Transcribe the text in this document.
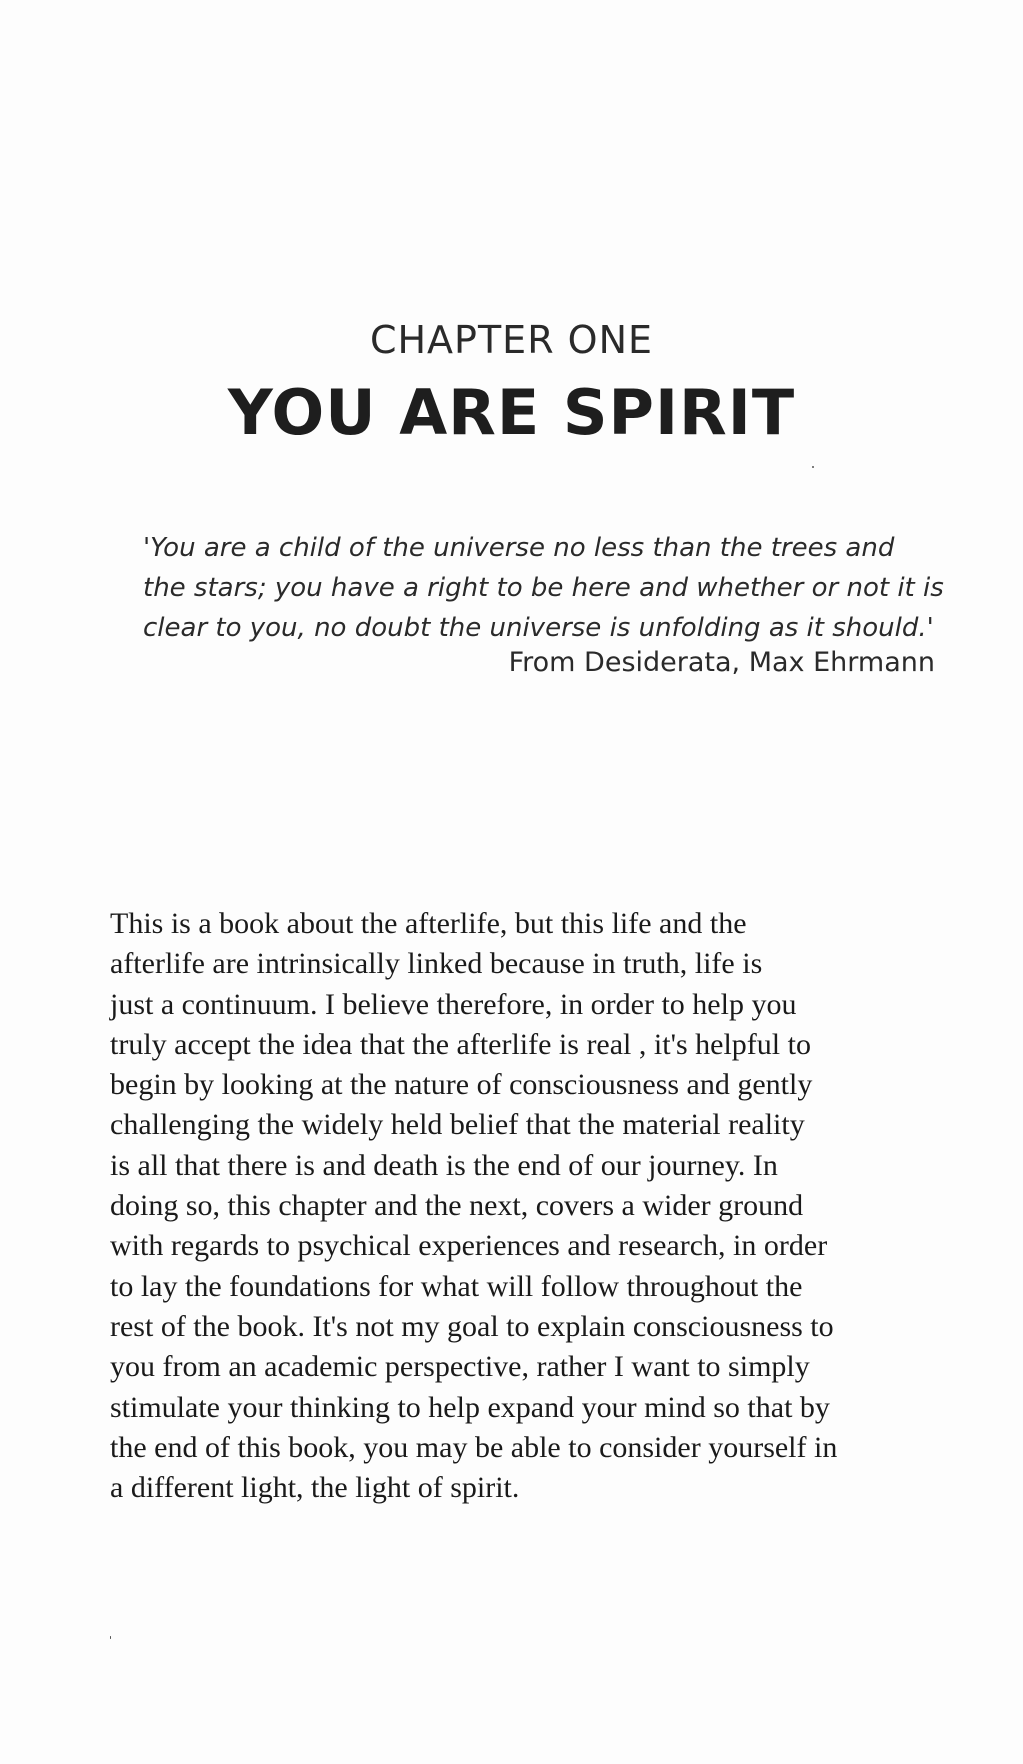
CHAPTER ONE
YOU ARE SPIRIT
'You are a child of the universe no less than the trees and
the stars; you have a right to be here and whether or not it is
clear to you, no doubt the universe is unfolding as it should.'
From Desiderata, Max Ehrmann
This is a book about the afterlife, but this life and the
afterlife are intrinsically linked because in truth, life is
just a continuum. I believe therefore, in order to help you
truly accept the idea that the afterlife is real , it's helpful to
begin by looking at the nature of consciousness and gently
challenging the widely held belief that the material reality
is all that there is and death is the end of our journey. In
doing so, this chapter and the next, covers a wider ground
with regards to psychical experiences and research, in order
to lay the foundations for what will follow throughout the
rest of the book. It's not my goal to explain consciousness to
you from an academic perspective, rather I want to simply
stimulate your thinking to help expand your mind so that by
the end of this book, you may be able to consider yourself in
a different light, the light of spirit.
